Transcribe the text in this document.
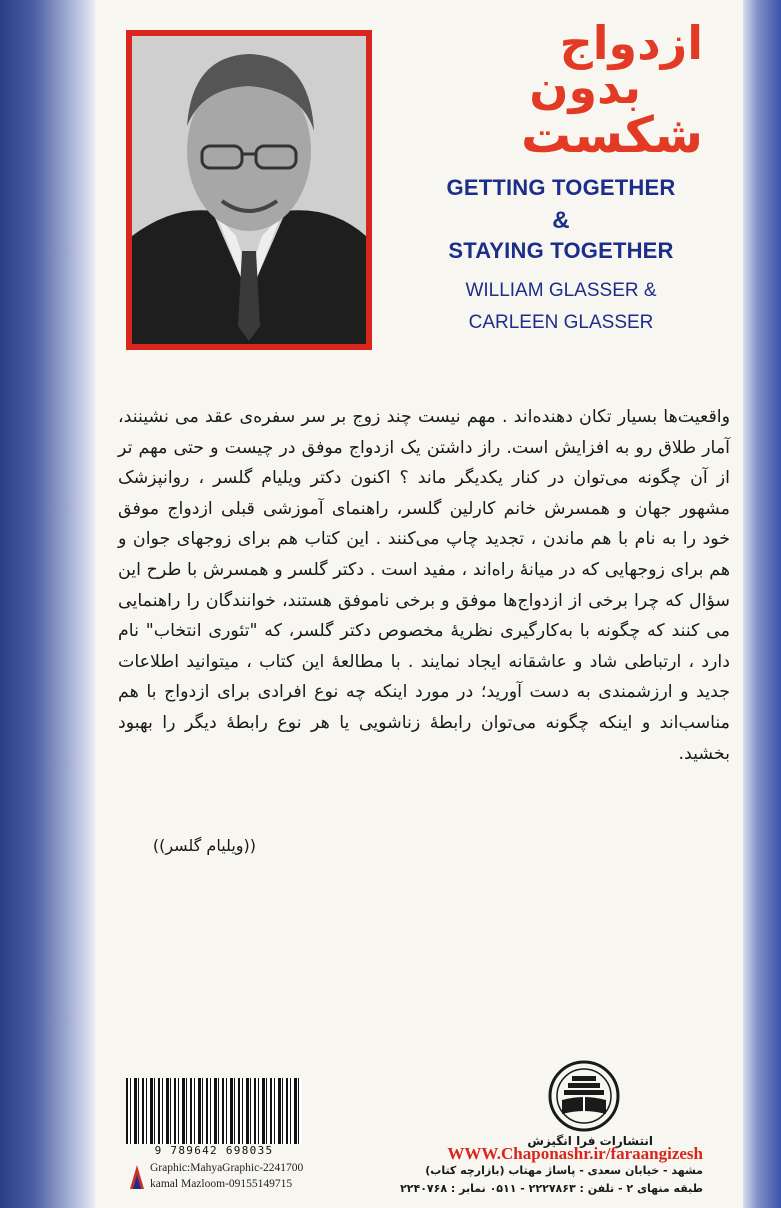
ازدواج
بدون
شکست
GETTING TOGETHER
&
STAYING TOGETHER
WILLIAM GLASSER &
CARLEEN GLASSER
واقعیت‌ها بسیار تکان دهنده‌اند . مهم نیست چند زوج بر سر سفره‌ی عقد می نشینند، آمار طلاق رو به افزایش است. راز داشتن یک ازدواج موفق در چیست و حتی مهم تر از آن چگونه می‌توان در کنار یکدیگر ماند ؟ اکنون دکتر ویلیام گلسر ، روانپزشک مشهور جهان و همسرش خانم کارلین گلسر، راهنمای آموزشی قبلی ازدواج موفق خود را به نام با هم ماندن ، تجدید چاپ می‌کنند . این کتاب هم برای زوجهای جوان و هم برای زوجهایی که در میانهٔ راه‌اند ، مفید است . دکتر گلسر و همسرش با طرح این سؤال که چرا برخی از ازدواج‌ها موفق و برخی ناموفق هستند، خوانندگان را راهنمایی می کنند که چگونه با به‌کارگیری نظریهٔ مخصوص دکتر گلسر، که "تئوری انتخاب" نام دارد ، ارتباطی شاد و عاشقانه ایجاد نمایند . با مطالعهٔ این کتاب ، میتوانید اطلاعات جدید و ارزشمندی به دست آورید؛ در مورد اینکه چه نوع افرادی برای ازدواج با هم مناسب‌اند و اینکه چگونه می‌توان رابطهٔ زناشویی یا هر نوع رابطهٔ دیگر را بهبود بخشید.
((ویلیام گلسر))
9 789642 698035
Graphic:MahyaGraphic-2241700
kamal Mazloom-09155149715
انتشارات فرا انگیزش
WWW.Chaponashr.ir/faraangizesh
مشهد - خیابان سعدی - پاساژ مهتاب (بازارچه کتاب)
طبقه منهای ۲ - تلفن : ۲۲۲۷۸۶۳ - ۰۵۱۱ نمابر : ۲۲۴۰۷۶۸
